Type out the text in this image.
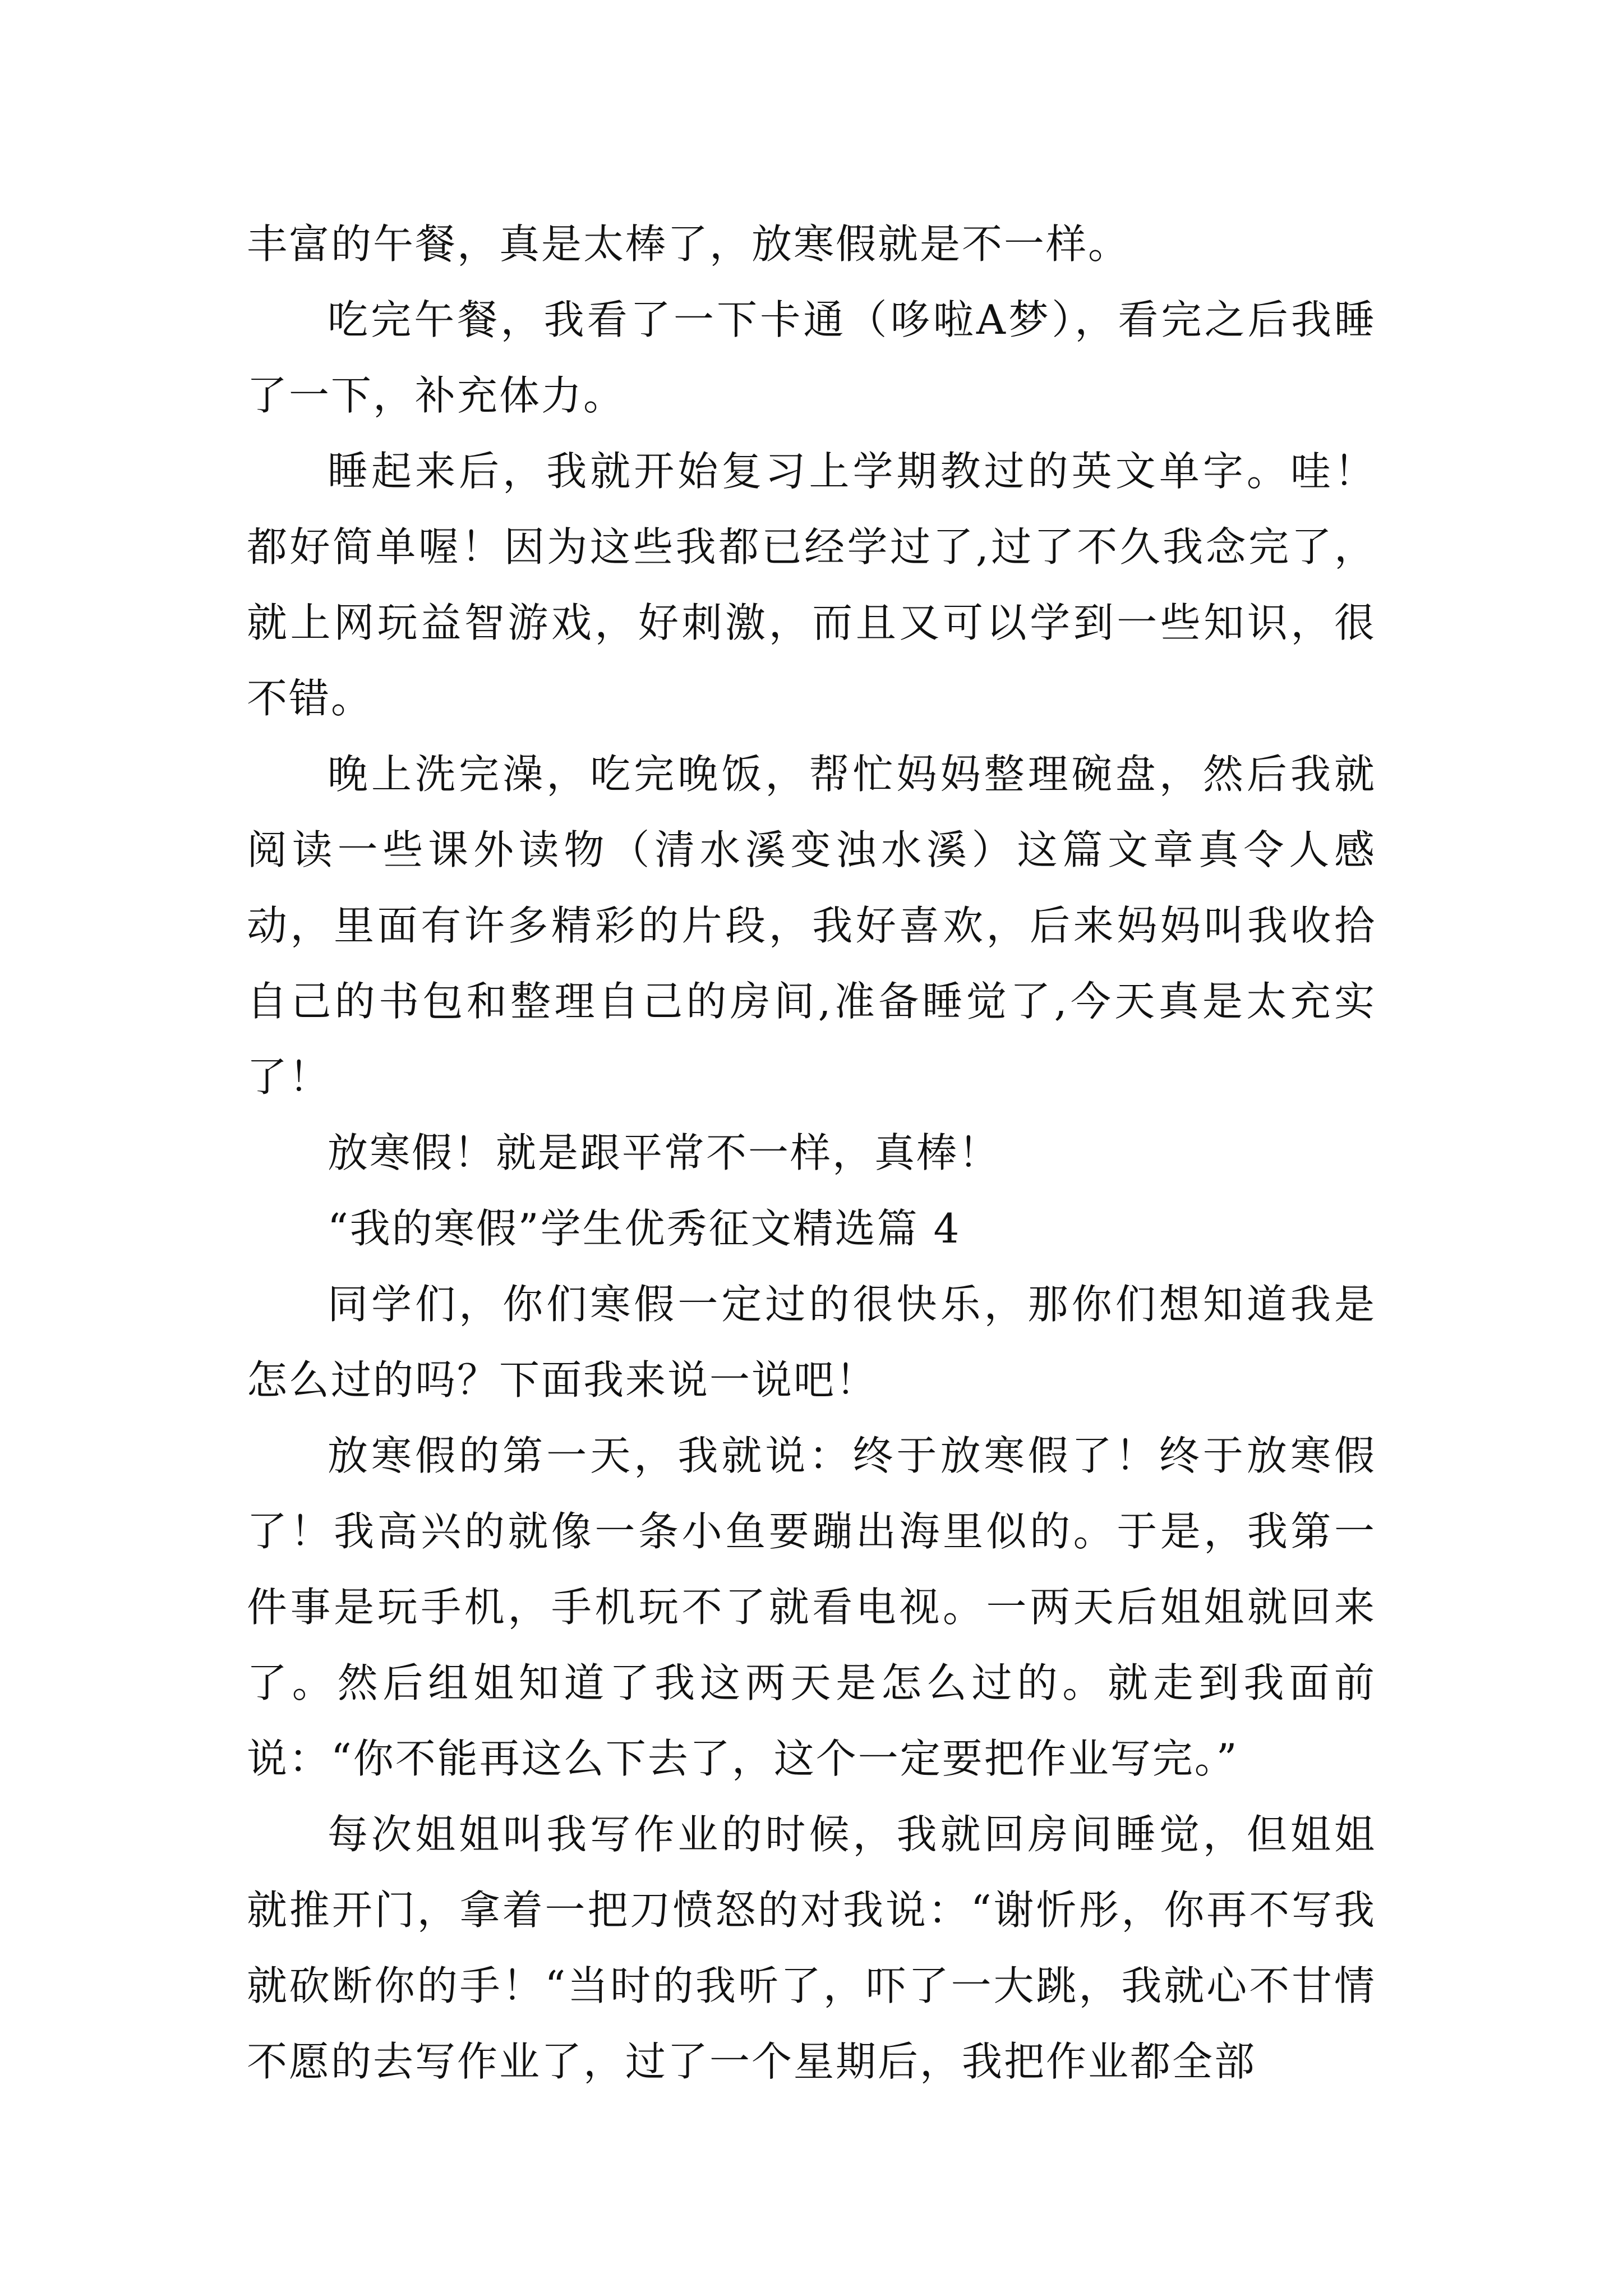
丰富的午餐，真是太棒了，放寒假就是不一样。

吃完午餐，我看了一下卡通（哆啦A梦），看完之后我睡了一下，补充体力。

睡起来后，我就开始复习上学期教过的英文单字。哇！都好简单喔！因为这些我都已经学过了,过了不久我念完了，就上网玩益智游戏，好刺激，而且又可以学到一些知识，很不错。

晚上洗完澡，吃完晚饭，帮忙妈妈整理碗盘，然后我就阅读一些课外读物（清水溪变浊水溪）这篇文章真令人感动，里面有许多精彩的片段，我好喜欢，后来妈妈叫我收拾自己的书包和整理自己的房间,准备睡觉了,今天真是太充实了！

放寒假！就是跟平常不一样，真棒！

“我的寒假”学生优秀征文精选篇 4

同学们，你们寒假一定过的很快乐，那你们想知道我是怎么过的吗？下面我来说一说吧！

放寒假的第一天，我就说：终于放寒假了！终于放寒假了！我高兴的就像一条小鱼要蹦出海里似的。于是，我第一件事是玩手机，手机玩不了就看电视。一两天后姐姐就回来了。然后组姐知道了我这两天是怎么过的。就走到我面前说：“你不能再这么下去了，这个一定要把作业写完。”

每次姐姐叫我写作业的时候，我就回房间睡觉，但姐姐就推开门，拿着一把刀愤怒的对我说：“谢忻彤，你再不写我就砍断你的手！“当时的我听了，吓了一大跳，我就心不甘情不愿的去写作业了，过了一个星期后，我把作业都全部
